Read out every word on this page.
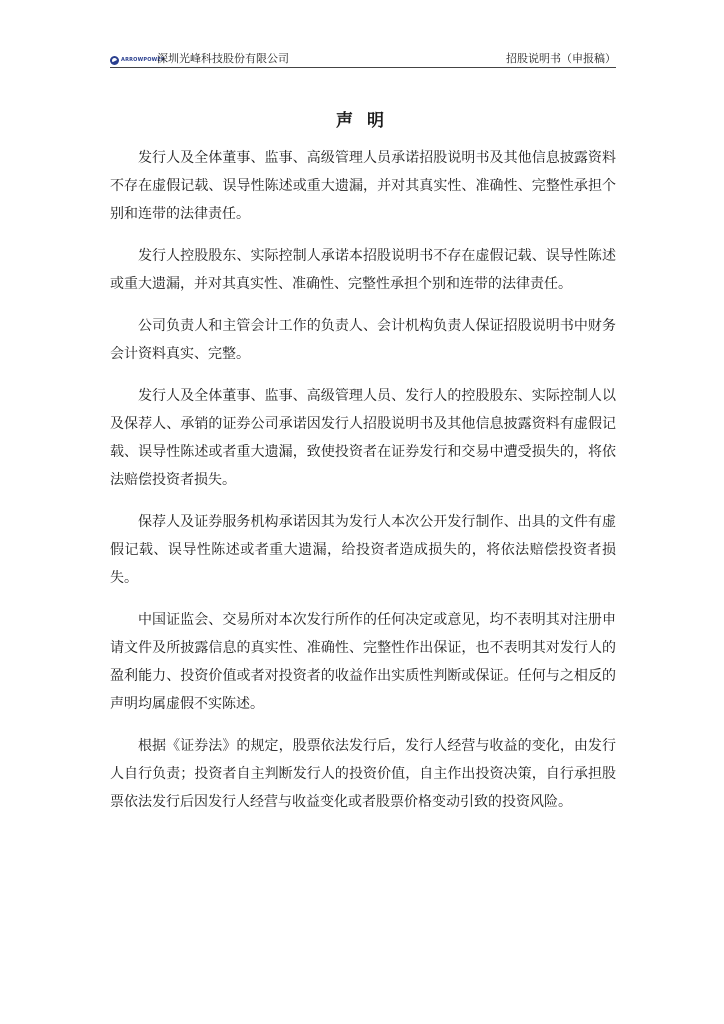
ARROWPOWER
深圳光峰科技股份有限公司	招股说明书（申报稿）
声明

发行人及全体董事、监事、高级管理人员承诺招股说明书及其他信息披露资料不存在虚假记载、误导性陈述或重大遗漏，并对其真实性、准确性、完整性承担个别和连带的法律责任。

发行人控股股东、实际控制人承诺本招股说明书不存在虚假记载、误导性陈述或重大遗漏，并对其真实性、准确性、完整性承担个别和连带的法律责任。

公司负责人和主管会计工作的负责人、会计机构负责人保证招股说明书中财务会计资料真实、完整。

发行人及全体董事、监事、高级管理人员、发行人的控股股东、实际控制人以及保荐人、承销的证券公司承诺因发行人招股说明书及其他信息披露资料有虚假记载、误导性陈述或者重大遗漏，致使投资者在证券发行和交易中遭受损失的，将依法赔偿投资者损失。

保荐人及证券服务机构承诺因其为发行人本次公开发行制作、出具的文件有虚假记载、误导性陈述或者重大遗漏，给投资者造成损失的，将依法赔偿投资者损失。

中国证监会、交易所对本次发行所作的任何决定或意见，均不表明其对注册申请文件及所披露信息的真实性、准确性、完整性作出保证，也不表明其对发行人的盈利能力、投资价值或者对投资者的收益作出实质性判断或保证。任何与之相反的声明均属虚假不实陈述。

根据《证券法》的规定，股票依法发行后，发行人经营与收益的变化，由发行人自行负责；投资者自主判断发行人的投资价值，自主作出投资决策，自行承担股票依法发行后因发行人经营与收益变化或者股票价格变动引致的投资风险。
